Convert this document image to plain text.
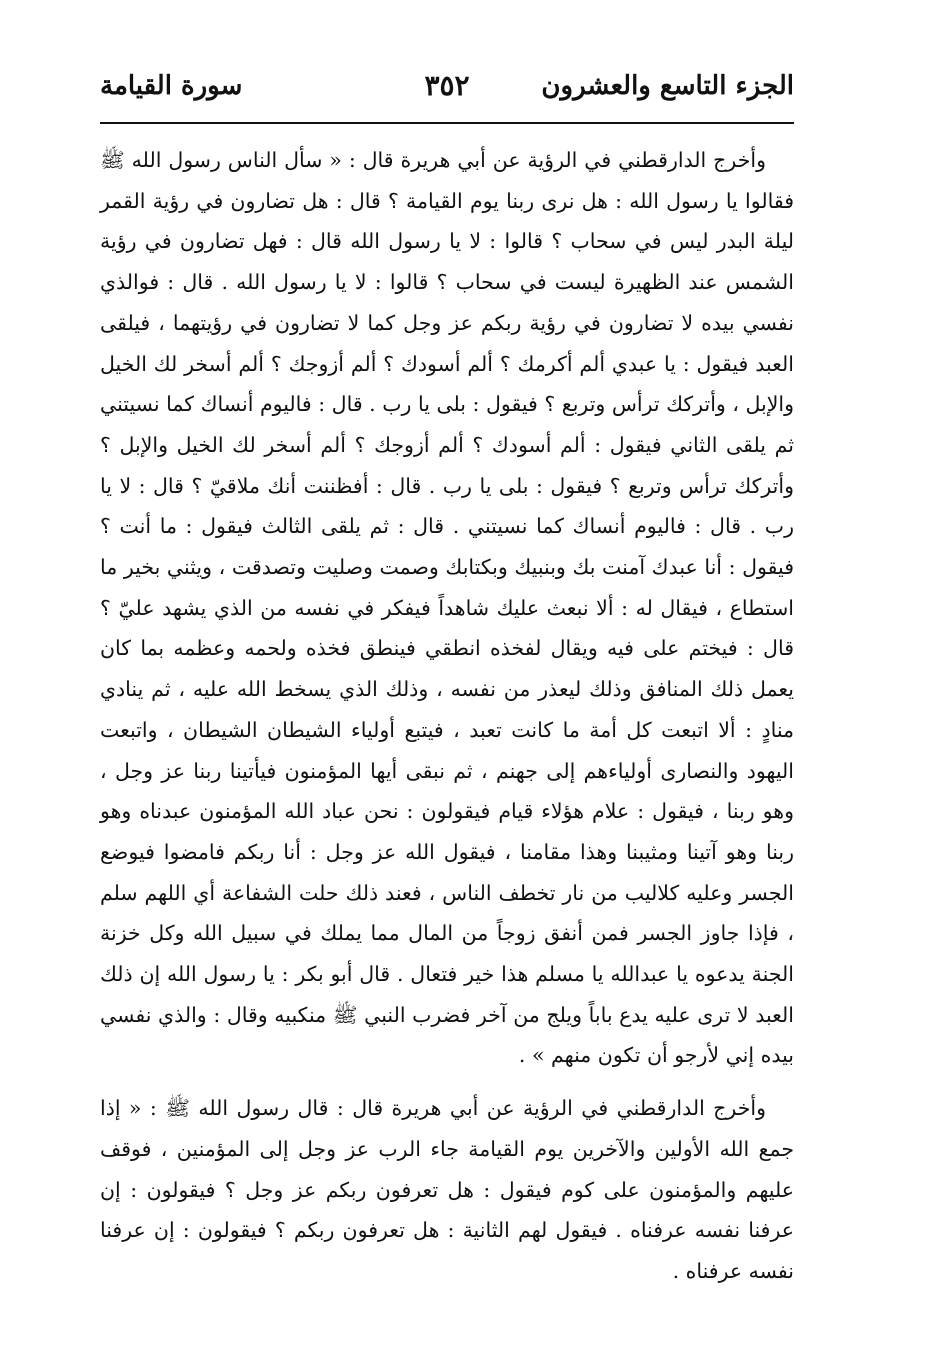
الجزء التاسع والعشرون
٣٥٢
سورة القيامة

وأخرج الدارقطني في الرؤية عن أبي هريرة قال : « سأل الناس رسول الله ﷺ فقالوا يا رسول الله : هل نرى ربنا يوم القيامة ؟ قال : هل تضارون في رؤية القمر ليلة البدر ليس في سحاب ؟ قالوا : لا يا رسول الله قال : فهل تضارون في رؤية الشمس عند الظهيرة ليست في سحاب ؟ قالوا : لا يا رسول الله . قال : فوالذي نفسي بيده لا تضارون في رؤية ربكم عز وجل كما لا تضارون في رؤيتهما ، فيلقى العبد فيقول : يا عبدي ألم أكرمك ؟ ألم أسودك ؟ ألم أزوجك ؟ ألم أسخر لك الخيل والإبل ، وأتركك ترأس وتربع ؟ فيقول : بلى يا رب . قال : فاليوم أنساك كما نسيتني ثم يلقى الثاني فيقول : ألم أسودك ؟ ألم أزوجك ؟ ألم أسخر لك الخيل والإبل ؟ وأتركك ترأس وتربع ؟ فيقول : بلى يا رب . قال : أفظننت أنك ملاقيّ ؟ قال : لا يا رب . قال : فاليوم أنساك كما نسيتني . قال : ثم يلقى الثالث فيقول : ما أنت ؟ فيقول : أنا عبدك آمنت بك وبنبيك وبكتابك وصمت وصليت وتصدقت ، ويثني بخير ما استطاع ، فيقال له : ألا نبعث عليك شاهداً فيفكر في نفسه من الذي يشهد عليّ ؟ قال : فيختم على فيه ويقال لفخذه انطقي فينطق فخذه ولحمه وعظمه بما كان يعمل ذلك المنافق وذلك ليعذر من نفسه ، وذلك الذي يسخط الله عليه ، ثم ينادي منادٍ : ألا اتبعت كل أمة ما كانت تعبد ، فيتبع أولياء الشيطان الشيطان ، واتبعت اليهود والنصارى أولياءهم إلى جهنم ، ثم نبقى أيها المؤمنون فيأتينا ربنا عز وجل ، وهو ربنا ، فيقول : علام هؤلاء قيام فيقولون : نحن عباد الله المؤمنون عبدناه وهو ربنا وهو آتينا ومثيبنا وهذا مقامنا ، فيقول الله عز وجل : أنا ربكم فامضوا فيوضع الجسر وعليه كلاليب من نار تخطف الناس ، فعند ذلك حلت الشفاعة أي اللهم سلم ، فإذا جاوز الجسر فمن أنفق زوجاً من المال مما يملك في سبيل الله وكل خزنة الجنة يدعوه يا عبدالله يا مسلم هذا خير فتعال . قال أبو بكر : يا رسول الله إن ذلك العبد لا ترى عليه يدع باباً ويلج من آخر فضرب النبي ﷺ منكبيه وقال : والذي نفسي بيده إني لأرجو أن تكون منهم » .

وأخرج الدارقطني في الرؤية عن أبي هريرة قال : قال رسول الله ﷺ : « إذا جمع الله الأولين والآخرين يوم القيامة جاء الرب عز وجل إلى المؤمنين ، فوقف عليهم والمؤمنون على كوم فيقول : هل تعرفون ربكم عز وجل ؟ فيقولون : إن عرفنا نفسه عرفناه . فيقول لهم الثانية : هل تعرفون ربكم ؟ فيقولون : إن عرفنا نفسه عرفناه .
